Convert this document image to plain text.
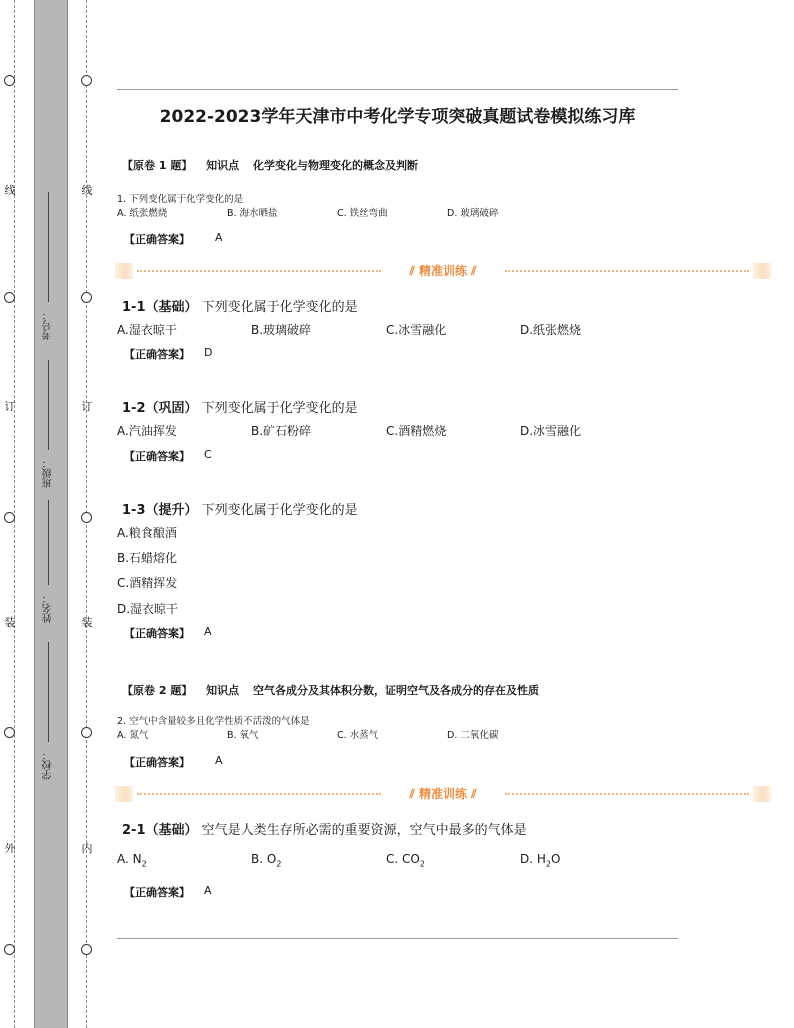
线
订
装
外
线
订
装
内
考号：
班级：
姓名：
学校：
2022-2023学年天津市中考化学专项突破真题试卷模拟练习库
【原卷 1 题】 知识点 化学变化与物理变化的概念及判断
1. 下列变化属于化学变化的是
A. 纸张燃烧	B. 海水晒盐	C. 铁丝弯曲	D. 玻璃破碎
【正确答案】 A
⫽ 精准训练 ⫽
1-1（基础） 下列变化属于化学变化的是
A.湿衣晾干	B.玻璃破碎	C.冰雪融化	D.纸张燃烧
【正确答案】 D
1-2（巩固） 下列变化属于化学变化的是
A.汽油挥发	B.矿石粉碎	C.酒精燃烧	D.冰雪融化
【正确答案】 C
1-3（提升） 下列变化属于化学变化的是
A.粮食酿酒
B.石蜡熔化
C.酒精挥发
D.湿衣晾干
【正确答案】 A
【原卷 2 题】 知识点 空气各成分及其体积分数，证明空气及各成分的存在及性质
2. 空气中含量较多且化学性质不活泼的气体是
A. 氮气	B. 氧气	C. 水蒸气	D. 二氧化碳
【正确答案】 A
⫽ 精准训练 ⫽
2-1（基础） 空气是人类生存所必需的重要资源，空气中最多的气体是
A. $N_2$	B. $O_2$	C. $CO_2$	D. $H_2O$
【正确答案】 A
